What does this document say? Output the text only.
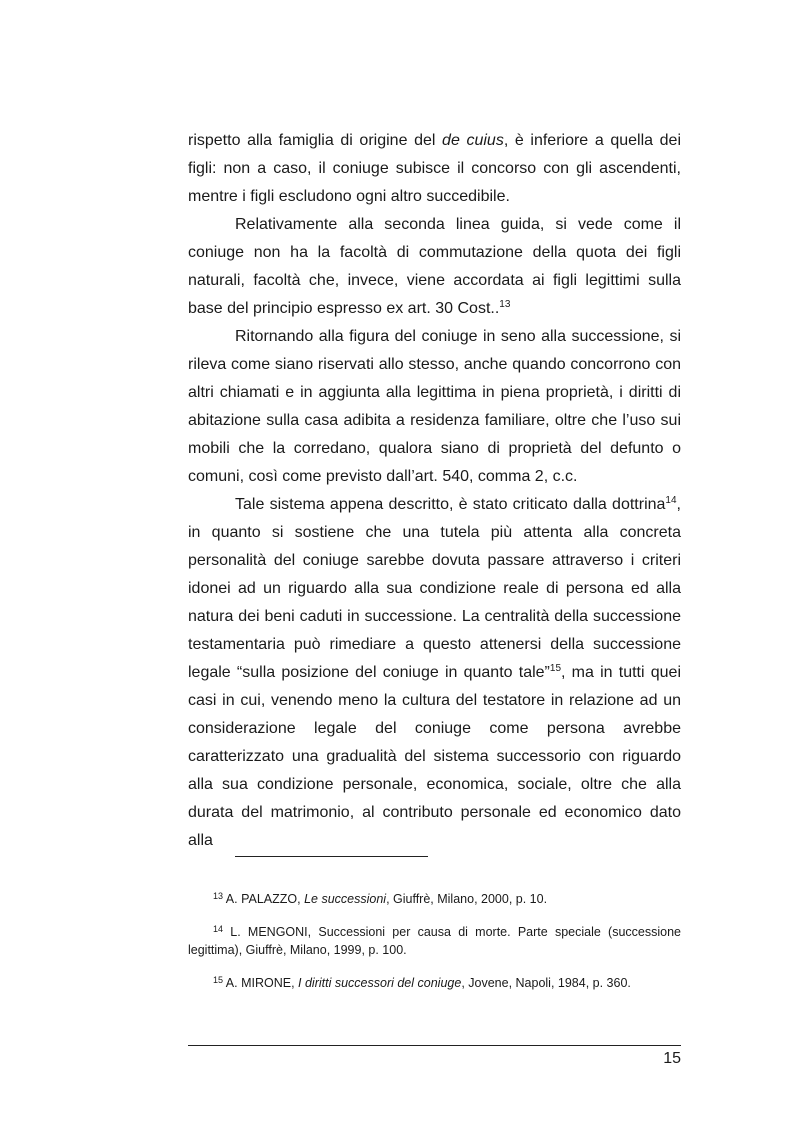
rispetto alla famiglia di origine del de cuius, è inferiore a quella dei figli: non a caso, il coniuge subisce il concorso con gli ascendenti, mentre i figli escludono ogni altro succedibile.

Relativamente alla seconda linea guida, si vede come il coniuge non ha la facoltà di commutazione della quota dei figli naturali, facoltà che, invece, viene accordata ai figli legittimi sulla base del principio espresso ex art. 30 Cost..$^{13}$

Ritornando alla figura del coniuge in seno alla successione, si rileva come siano riservati allo stesso, anche quando concorrono con altri chiamati e in aggiunta alla legittima in piena proprietà, i diritti di abitazione sulla casa adibita a residenza familiare, oltre che l’uso sui mobili che la corredano, qualora siano di proprietà del defunto o comuni, così come previsto dall’art. 540, comma 2, c.c.

Tale sistema appena descritto, è stato criticato dalla dottrina$^{14}$, in quanto si sostiene che una tutela più attenta alla concreta personalità del coniuge sarebbe dovuta passare attraverso i criteri idonei ad un riguardo alla sua condizione reale di persona ed alla natura dei beni caduti in successione. La centralità della successione testamentaria può rimediare a questo attenersi della successione legale “sulla posizione del coniuge in quanto tale”$^{15}$, ma in tutti quei casi in cui, venendo meno la cultura del testatore in relazione ad un considerazione legale del coniuge come persona avrebbe caratterizzato una gradualità del sistema successorio con riguardo alla sua condizione personale, economica, sociale, oltre che alla durata del matrimonio, al contributo personale ed economico dato alla

$^{13}$ A. PALAZZO, Le successioni, Giuffrè, Milano, 2000, p. 10.

$^{14}$ L. MENGONI, Successioni per causa di morte. Parte speciale (successione legittima), Giuffrè, Milano, 1999, p. 100.

$^{15}$ A. MIRONE, I diritti successori del coniuge, Jovene, Napoli, 1984, p. 360.

15
